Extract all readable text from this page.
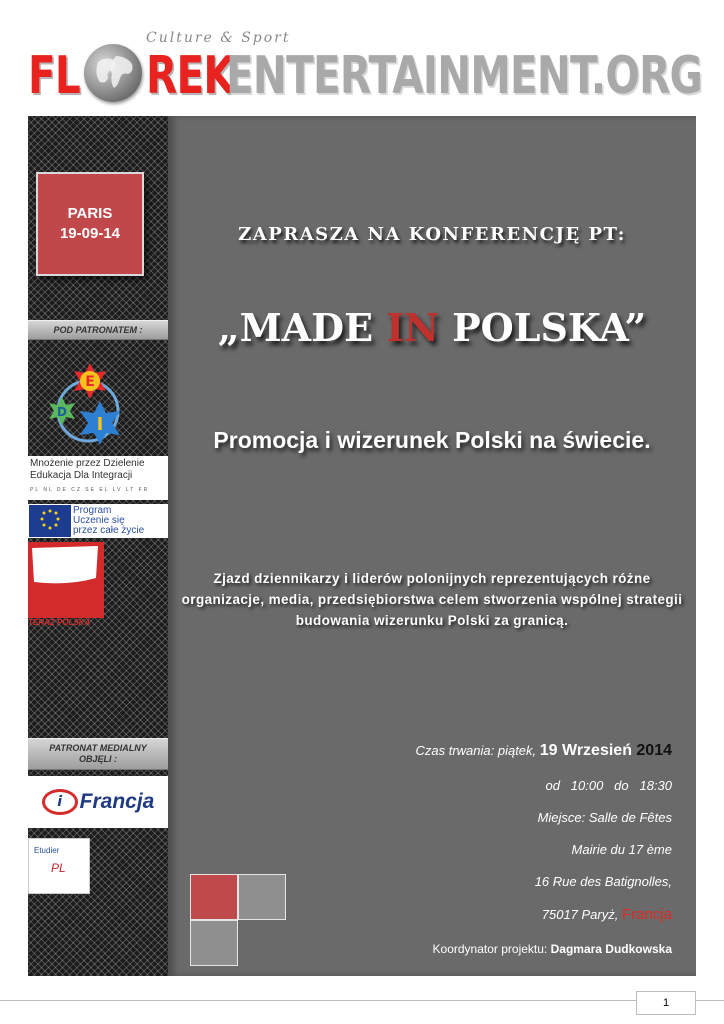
Culture & Sport
FL REK
ENTERTAINMENT.ORG
PARIS
19-09-14
POD PATRONATEM :
E
D
I
Mnożenie przez Dzielenie
Edukacja Dla Integracji
PL NL DE CZ SE EL LV LT FR
Program
Uczenie się
przez całe życie
TERAZ POLSKA
PATRONAT MEDIALNY
OBJĘLI :
i Francja
Etudier
PL
ZAPRASZA NA KONFERENCJĘ PT:
„MADE IN POLSKA”
Promocja i wizerunek Polski na świecie.
Zjazd dziennikarzy i liderów polonijnych reprezentujących różne organizacje, media, przedsiębiorstwa celem stworzenia wspólnej strategii budowania wizerunku Polski za granicą.
Czas trwania: piątek, 19 Wrzesień 2014
od   10:00   do   18:30
Miejsce: Salle de Fêtes
Mairie du 17 ème
16 Rue des Batignolles,
75017 Paryż, Francja
Koordynator projektu: Dagmara Dudkowska
1
